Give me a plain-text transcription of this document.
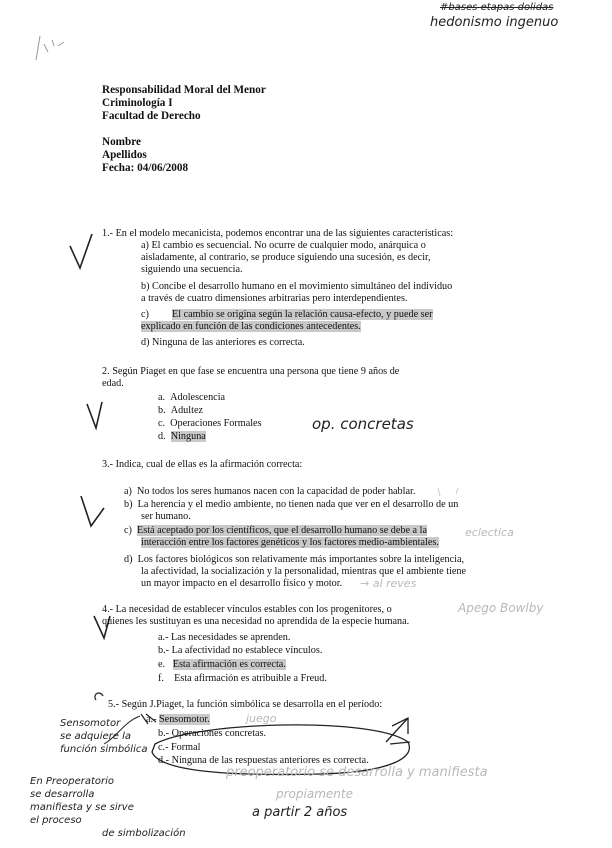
#bases etapas dolidas
hedonismo ingenuo
Responsabilidad Moral del Menor
Criminología I
Facultad de Derecho
Nombre
Apellidos
Fecha: 04/06/2008
1.- En el modelo mecanicista, podemos encontrar una de las siguientes características:
a) El cambio es secuencial. No ocurre de cualquier modo, anárquica o
aisladamente, al contrario, se produce siguiendo una sucesión, es decir,
siguiendo una secuencia.
b) Concibe el desarrollo humano en el movimiento simultáneo del individuo
a través de cuatro dimensiones arbitrarias pero interdependientes.
c) El cambio se origina según la relación causa-efecto, y puede ser
explicado en función de las condiciones antecedentes.
d) Ninguna de las anteriores es correcta.
2. Según Piaget en que fase se encuentra una persona que tiene 9 años de
edad.
a. Adolescencia
b. Adultez
c. Operaciones Formales
d. Ninguna
op. concretas
3.- Indica, cual de ellas es la afirmación correcta:
a) No todos los seres humanos nacen con la capacidad de poder hablar.
b) La herencia y el medio ambiente, no tienen nada que ver en el desarrollo de un
ser humano.
c) Está aceptado por los científicos, que el desarrollo humano se debe a la
interacción entre los factores genéticos y los factores medio-ambientales.
eclectica
d) Los factores biológicos son relativamente más importantes sobre la inteligencia,
la afectividad, la socialización y la personalidad, mientras que el ambiente tiene
un mayor impacto en el desarrollo físico y motor. → al reves
4.- La necesidad de establecer vínculos estables con los progenitores, o
quienes les sustituyan es una necesidad no aprendida de la especie humana.
Apego Bowlby
a.- Las necesidades se aprenden.
b.- La afectividad no establece vínculos.
e. Esta afirmación es correcta.
f. Esta afirmación es atribuible a Freud.
5.- Según J.Piaget, la función simbólica se desarrolla en el período:
a.- Sensomotor.	juego
b.- Operaciones concretas.
c.- Formal
d.- Ninguna de las respuestas anteriores es correcta.
Sensomotor
se adquiere la
función simbólica
En Preoperatorio
se desarrolla
manifiesta y se sirve
el proceso
de simbolización
preoperatorio se desarrolla y manifiesta
propiamente
a partir 2 años
